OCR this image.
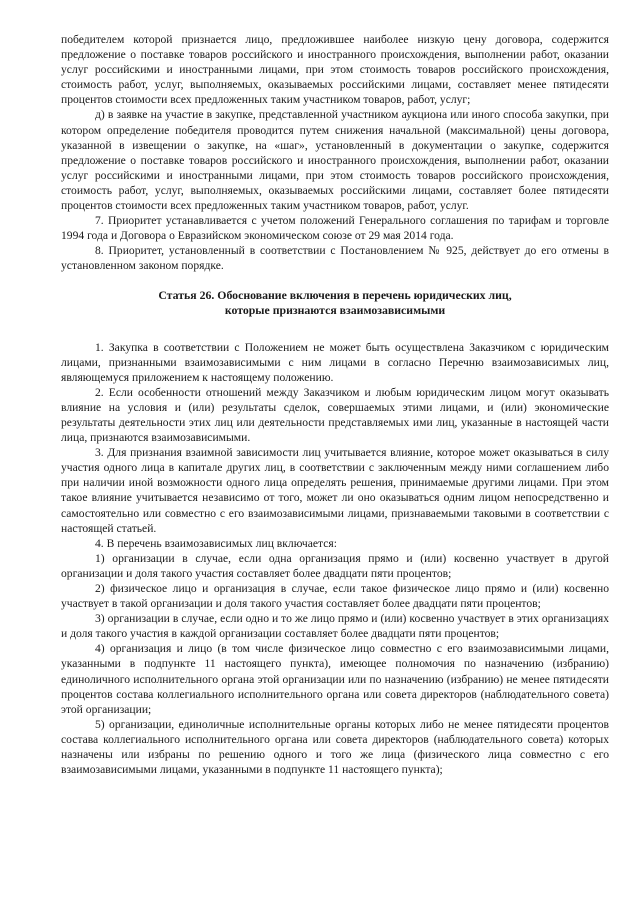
победителем которой признается лицо, предложившее наиболее низкую цену договора, содержится предложение о поставке товаров российского и иностранного происхождения, выполнении работ, оказании услуг российскими и иностранными лицами, при этом стоимость товаров российского происхождения, стоимость работ, услуг, выполняемых, оказываемых российскими лицами, составляет менее пятидесяти процентов стоимости всех предложенных таким участником товаров, работ, услуг;

д) в заявке на участие в закупке, представленной участником аукциона или иного способа закупки, при котором определение победителя проводится путем снижения начальной (максимальной) цены договора, указанной в извещении о закупке, на «шаг», установленный в документации о закупке, содержится предложение о поставке товаров российского и иностранного происхождения, выполнении работ, оказании услуг российскими и иностранными лицами, при этом стоимость товаров российского происхождения, стоимость работ, услуг, выполняемых, оказываемых российскими лицами, составляет более пятидесяти процентов стоимости всех предложенных таким участником товаров, работ, услуг.

7. Приоритет устанавливается с учетом положений Генерального соглашения по тарифам и торговле 1994 года и Договора о Евразийском экономическом союзе от 29 мая 2014 года.

8. Приоритет, установленный в соответствии с Постановлением № 925, действует до его отмены в установленном законом порядке.

Статья 26. Обоснование включения в перечень юридических лиц,
которые признаются взаимозависимыми

1. Закупка в соответствии с Положением не может быть осуществлена Заказчиком с юридическим лицами, признанными взаимозависимыми с ним лицами в согласно Перечню взаимозависимых лиц, являющемуся приложением к настоящему положению.

2. Если особенности отношений между Заказчиком и любым юридическим лицом могут оказывать влияние на условия и (или) результаты сделок, совершаемых этими лицами, и (или) экономические результаты деятельности этих лиц или деятельности представляемых ими лиц, указанные в настоящей части лица, признаются взаимозависимыми.

3. Для признания взаимной зависимости лиц учитывается влияние, которое может оказываться в силу участия одного лица в капитале других лиц, в соответствии с заключенным между ними соглашением либо при наличии иной возможности одного лица определять решения, принимаемые другими лицами. При этом такое влияние учитывается независимо от того, может ли оно оказываться одним лицом непосредственно и самостоятельно или совместно с его взаимозависимыми лицами, признаваемыми таковыми в соответствии с настоящей статьей.

4. В перечень взаимозависимых лиц включается:

1) организации в случае, если одна организация прямо и (или) косвенно участвует в другой организации и доля такого участия составляет более двадцати пяти процентов;

2) физическое лицо и организация в случае, если такое физическое лицо прямо и (или) косвенно участвует в такой организации и доля такого участия составляет более двадцати пяти процентов;

3) организации в случае, если одно и то же лицо прямо и (или) косвенно участвует в этих организациях и доля такого участия в каждой организации составляет более двадцати пяти процентов;

4) организация и лицо (в том числе физическое лицо совместно с его взаимозависимыми лицами, указанными в подпункте 11 настоящего пункта), имеющее полномочия по назначению (избранию) единоличного исполнительного органа этой организации или по назначению (избранию) не менее пятидесяти процентов состава коллегиального исполнительного органа или совета директоров (наблюдательного совета) этой организации;

5) организации, единоличные исполнительные органы которых либо не менее пятидесяти процентов состава коллегиального исполнительного органа или совета директоров (наблюдательного совета) которых назначены или избраны по решению одного и того же лица (физического лица совместно с его взаимозависимыми лицами, указанными в подпункте 11 настоящего пункта);
